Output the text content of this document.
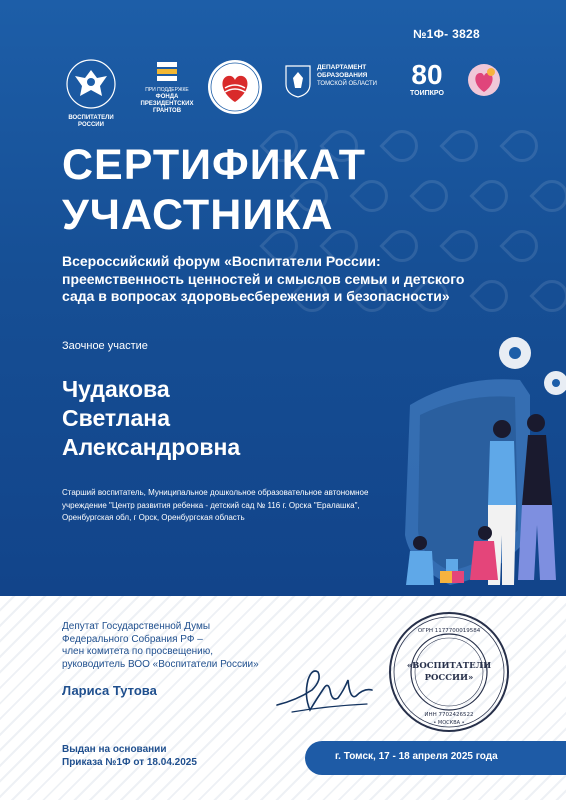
№1Ф- 3828
ВОСПИТАТЕЛИ РОССИИ
ПРИ ПОДДЕРЖКЕ
ФОНДА
ПРЕЗИДЕНТСКИХ
ГРАНТОВ
ДЕПАРТАМЕНТ
ОБРАЗОВАНИЯ
ТОМСКОЙ ОБЛАСТИ	80
ТОИПКРО
СЕРТИФИКАТ
УЧАСТНИКА
Всероссийский форум «Воспитатели России: преемственность ценностей и смыслов семьи и детского сада в вопросах здоровьесбережения и безопасности»
Заочное участие
Чудакова
Светлана
Александровна
Старший воспитатель, Муниципальное дошкольное образовательное автономное учреждение "Центр развития ребенка - детский сад № 116 г. Орска "Ералашка", Оренбургская обл, г Орск, Оренбургская область
Депутат Государственной Думы
Федерального Собрания РФ –
член комитета по просвещению,
руководитель ВОО «Воспитатели России»
Лариса Тутова
Выдан на основании
Приказа №1Ф от 18.04.2025
г. Томск, 17 - 18 апреля 2025 года
«ВОСПИТАТЕЛИ
РОССИИ»
ОГРН 1177700019584
ИНН 7702426522
• МОСКВА •
